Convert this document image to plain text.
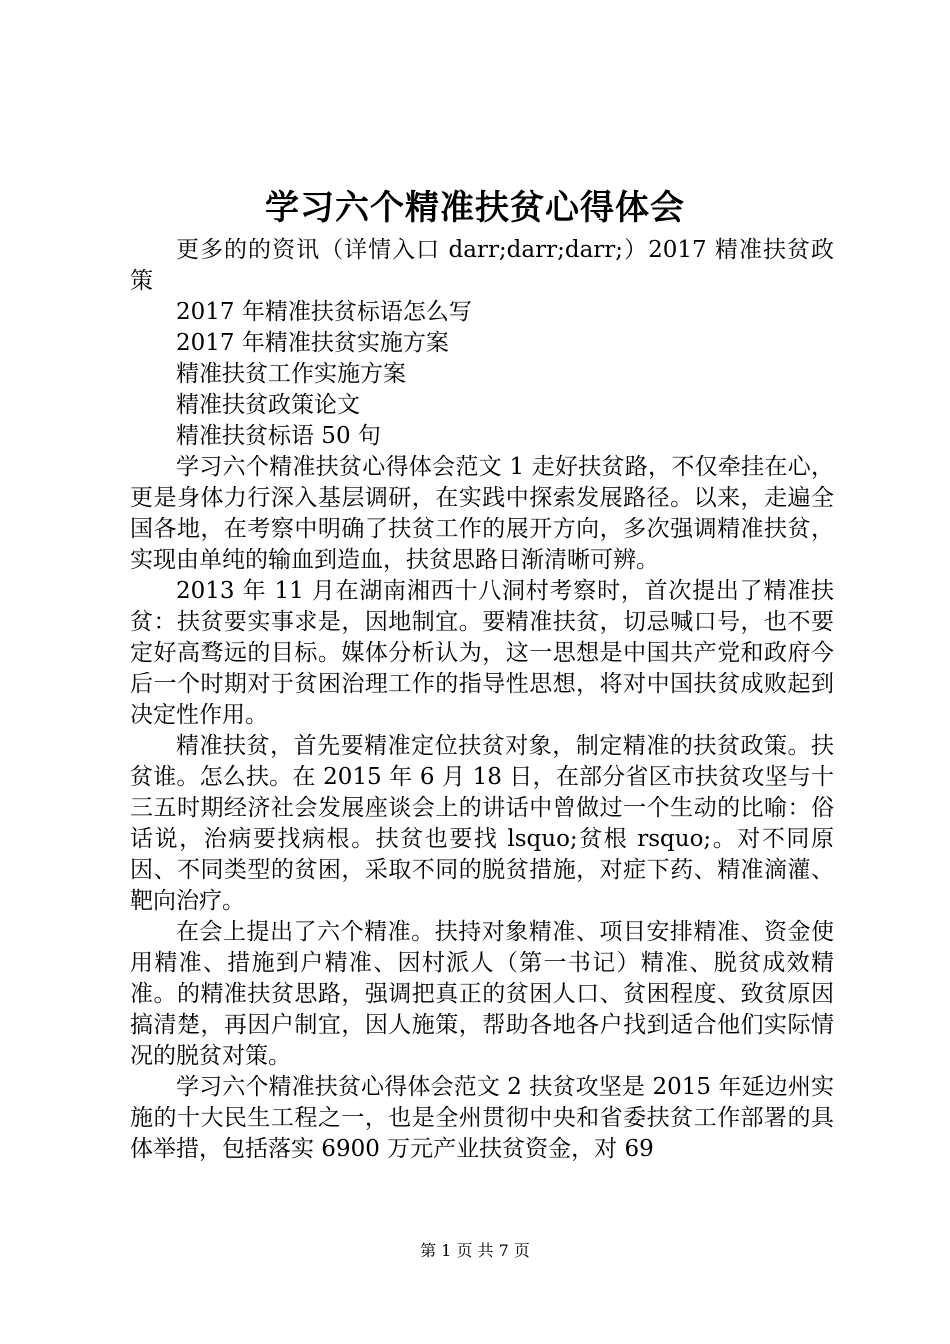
学习六个精准扶贫心得体会

更多的的资讯（详情入口 darr;darr;darr;）2017 精准扶贫政策

2017 年精准扶贫标语怎么写

2017 年精准扶贫实施方案

精准扶贫工作实施方案

精准扶贫政策论文

精准扶贫标语 50 句

学习六个精准扶贫心得体会范文 1 走好扶贫路，不仅牵挂在心，更是身体力行深入基层调研，在实践中探索发展路径。以来，走遍全国各地，在考察中明确了扶贫工作的展开方向，多次强调精准扶贫，实现由单纯的输血到造血，扶贫思路日渐清晰可辨。

2013 年 11 月在湖南湘西十八洞村考察时，首次提出了精准扶贫：扶贫要实事求是，因地制宜。要精准扶贫，切忌喊口号，也不要定好高骛远的目标。媒体分析认为，这一思想是中国共产党和政府今后一个时期对于贫困治理工作的指导性思想，将对中国扶贫成败起到决定性作用。

精准扶贫，首先要精准定位扶贫对象，制定精准的扶贫政策。扶贫谁。怎么扶。在 2015 年 6 月 18 日，在部分省区市扶贫攻坚与十三五时期经济社会发展座谈会上的讲话中曾做过一个生动的比喻：俗话说，治病要找病根。扶贫也要找 lsquo;贫根 rsquo;。对不同原因、不同类型的贫困，采取不同的脱贫措施，对症下药、精准滴灌、靶向治疗。

在会上提出了六个精准。扶持对象精准、项目安排精准、资金使用精准、措施到户精准、因村派人（第一书记）精准、脱贫成效精准。的精准扶贫思路，强调把真正的贫困人口、贫困程度、致贫原因搞清楚，再因户制宜，因人施策，帮助各地各户找到适合他们实际情况的脱贫对策。

学习六个精准扶贫心得体会范文 2 扶贫攻坚是 2015 年延边州实施的十大民生工程之一，也是全州贯彻中央和省委扶贫工作部署的具体举措，包括落实 6900 万元产业扶贫资金，对 69

第 1 页 共 7 页
